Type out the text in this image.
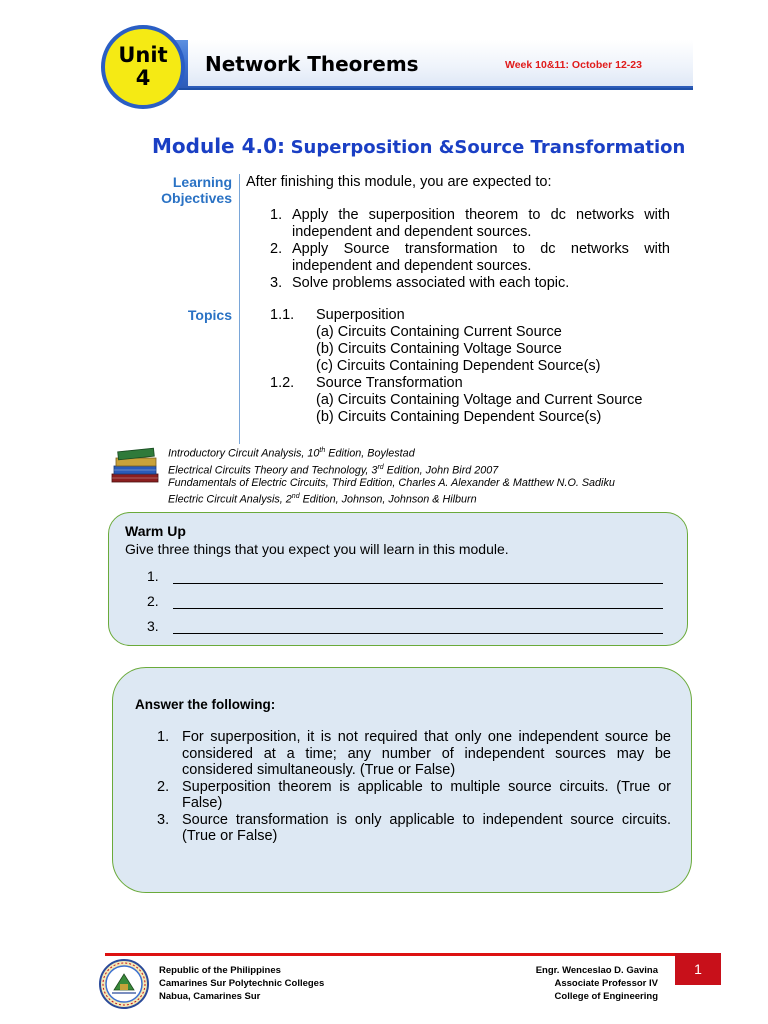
Unit
4
Network Theorems	Week 10&11: October 12-23
Module 4.0: Superposition &Source Transformation
Learning
Objectives
After finishing this module, you are expected to:
1. Apply the superposition theorem to dc networks with independent and dependent sources.
2. Apply Source transformation to dc networks with independent and dependent sources.
3. Solve problems associated with each topic.
Topics	1.1.	Superposition
(a) Circuits Containing Current Source
(b) Circuits Containing Voltage Source
(c) Circuits Containing Dependent Source(s)
1.2.	Source Transformation
(a) Circuits Containing Voltage and Current Source
(b) Circuits Containing Dependent Source(s)
Introductory Circuit Analysis, 10th Edition, Boylestad
Electrical Circuits Theory and Technology, 3rd Edition, John Bird 2007
Fundamentals of Electric Circuits, Third Edition, Charles A. Alexander & Matthew N.O. Sadiku
Electric Circuit Analysis, 2nd Edition, Johnson, Johnson & Hilburn
Warm Up
Give three things that you expect you will learn in this module.
1.
2.
3.
Answer the following:
1. For superposition, it is not required that only one independent source be considered at a time; any number of independent sources may be considered simultaneously. (True or False)
2. Superposition theorem is applicable to multiple source circuits. (True or False)
3. Source transformation is only applicable to independent source circuits. (True or False)
1
Republic of the Philippines
Camarines Sur Polytechnic Colleges
Nabua, Camarines Sur
Engr. Wenceslao D. Gavina
Associate Professor IV
College of Engineering
